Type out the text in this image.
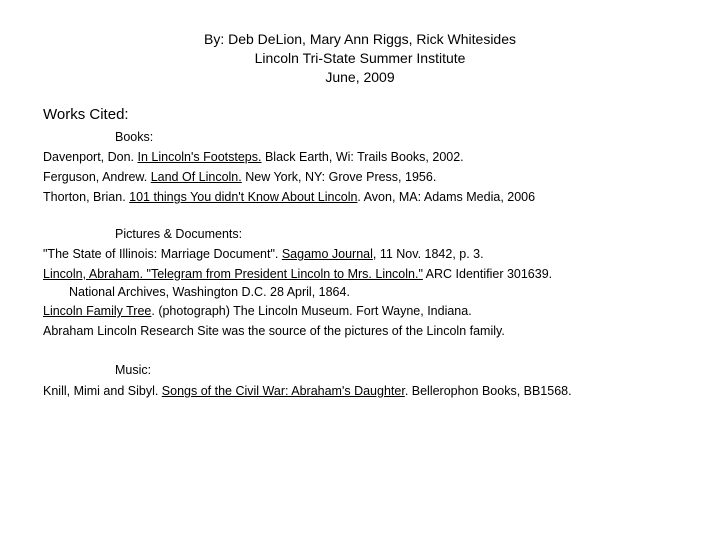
By: Deb DeLion, Mary Ann Riggs, Rick Whitesides
Lincoln Tri-State Summer Institute
June, 2009
Works Cited:
Books:
Davenport, Don. In Lincoln's Footsteps. Black Earth, Wi: Trails Books, 2002.
Ferguson, Andrew. Land Of Lincoln. New York, NY: Grove Press, 1956.
Thorton, Brian. 101 things You didn't Know About Lincoln. Avon, MA: Adams Media, 2006
Pictures & Documents:
"The State of Illinois: Marriage Document". Sagamo Journal, 11 Nov. 1842, p. 3.
Lincoln, Abraham. "Telegram from President Lincoln to Mrs. Lincoln." ARC Identifier 301639.
National Archives, Washington D.C. 28 April, 1864.
Lincoln Family Tree. (photograph) The Lincoln Museum. Fort Wayne, Indiana.
Abraham Lincoln Research Site was the source of the pictures of the Lincoln family.
Music:
Knill, Mimi and Sibyl. Songs of the Civil War: Abraham's Daughter. Bellerophon Books, BB1568.
